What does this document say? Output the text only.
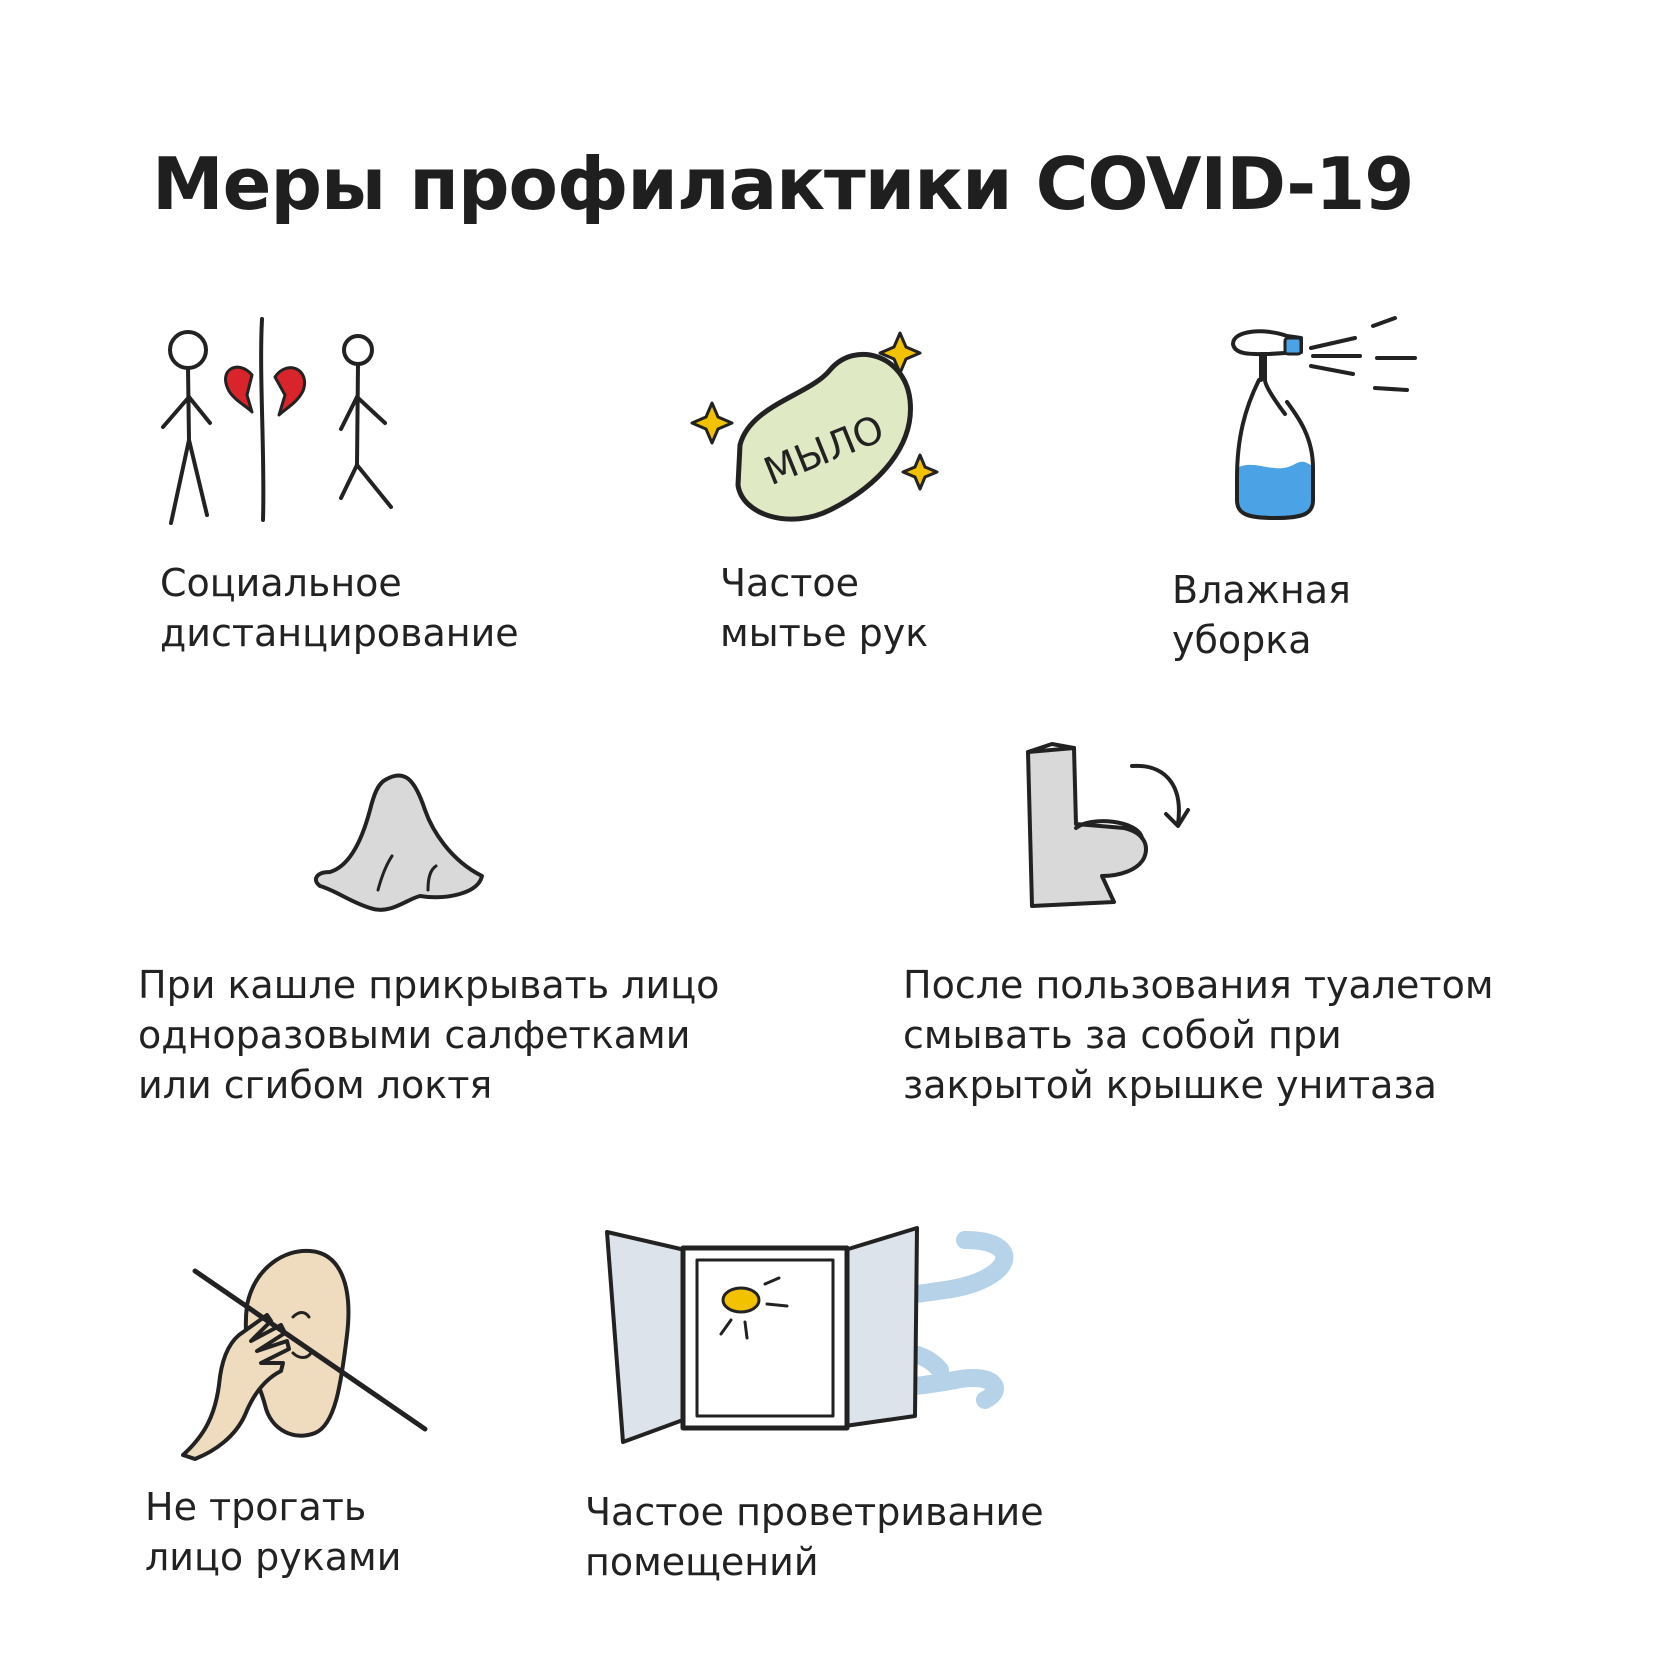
Меры профилактики COVID-19
Социальное
дистанцирование
МЫЛО
Частое
мытье рук
Влажная
уборка
При кашле прикрывать лицо
одноразовыми салфетками
или сгибом локтя
После пользования туалетом
смывать за собой при
закрытой крышке унитаза
Не трогать
лицо руками
Частое проветривание
помещений
